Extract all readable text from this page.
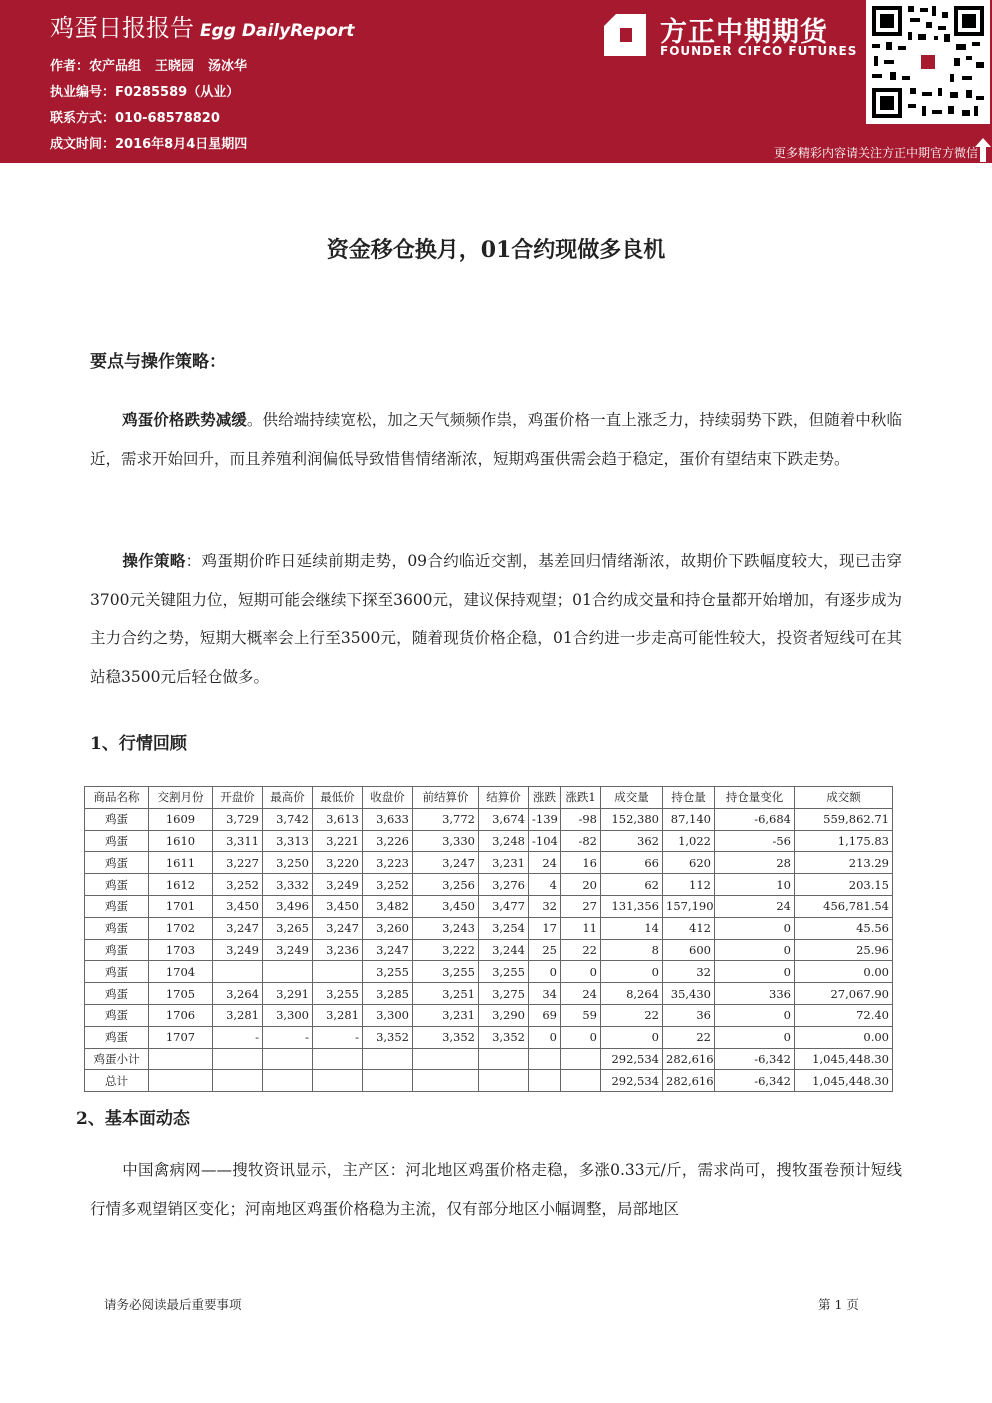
鸡蛋日报报告 Egg DailyReport
作者：农产品组 王晓园 汤冰华
执业编号：F0285589（从业）
联系方式：010-68578820
成文时间：2016年8月4日星期四
方正中期期货
FOUNDER CIFCO FUTURES
更多精彩内容请关注方正中期官方微信
资金移仓换月，01合约现做多良机
要点与操作策略：
鸡蛋价格跌势减缓。供给端持续宽松，加之天气频频作祟，鸡蛋价格一直上涨乏力，持续弱势下跌，但随着中秋临近，需求开始回升，而且养殖利润偏低导致惜售情绪渐浓，短期鸡蛋供需会趋于稳定，蛋价有望结束下跌走势。
操作策略：鸡蛋期价昨日延续前期走势，09合约临近交割，基差回归情绪渐浓，故期价下跌幅度较大，现已击穿3700元关键阻力位，短期可能会继续下探至3600元，建议保持观望；01合约成交量和持仓量都开始增加，有逐步成为主力合约之势，短期大概率会上行至3500元，随着现货价格企稳，01合约进一步走高可能性较大，投资者短线可在其站稳3500元后轻仓做多。
1、行情回顾
商品名称	交割月份	开盘价	最高价	最低价	收盘价	前结算价	结算价	涨跌	涨跌1	成交量	持仓量	持仓量变化	成交额
鸡蛋	1609	3,729	3,742	3,613	3,633	3,772	3,674	-139	-98	152,380	87,140	-6,684	559,862.71
鸡蛋	1610	3,311	3,313	3,221	3,226	3,330	3,248	-104	-82	362	1,022	-56	1,175.83
鸡蛋	1611	3,227	3,250	3,220	3,223	3,247	3,231	24	16	66	620	28	213.29
鸡蛋	1612	3,252	3,332	3,249	3,252	3,256	3,276	4	20	62	112	10	203.15
鸡蛋	1701	3,450	3,496	3,450	3,482	3,450	3,477	32	27	131,356	157,190	24	456,781.54
鸡蛋	1702	3,247	3,265	3,247	3,260	3,243	3,254	17	11	14	412	0	45.56
鸡蛋	1703	3,249	3,249	3,236	3,247	3,222	3,244	25	22	8	600	0	25.96
鸡蛋	1704				3,255	3,255	3,255	0	0	0	32	0	0.00
鸡蛋	1705	3,264	3,291	3,255	3,285	3,251	3,275	34	24	8,264	35,430	336	27,067.90
鸡蛋	1706	3,281	3,300	3,281	3,300	3,231	3,290	69	59	22	36	0	72.40
鸡蛋	1707	-	-	-	3,352	3,352	3,352	0	0	0	22	0	0.00
鸡蛋小计										292,534	282,616	-6,342	1,045,448.30
总计										292,534	282,616	-6,342	1,045,448.30
2、基本面动态
中国禽病网——搜牧资讯显示，主产区：河北地区鸡蛋价格走稳，多涨0.33元/斤，需求尚可，搜牧蛋卷预计短线行情多观望销区变化；河南地区鸡蛋价格稳为主流，仅有部分地区小幅调整，局部地区
请务必阅读最后重要事项	第 1 页
